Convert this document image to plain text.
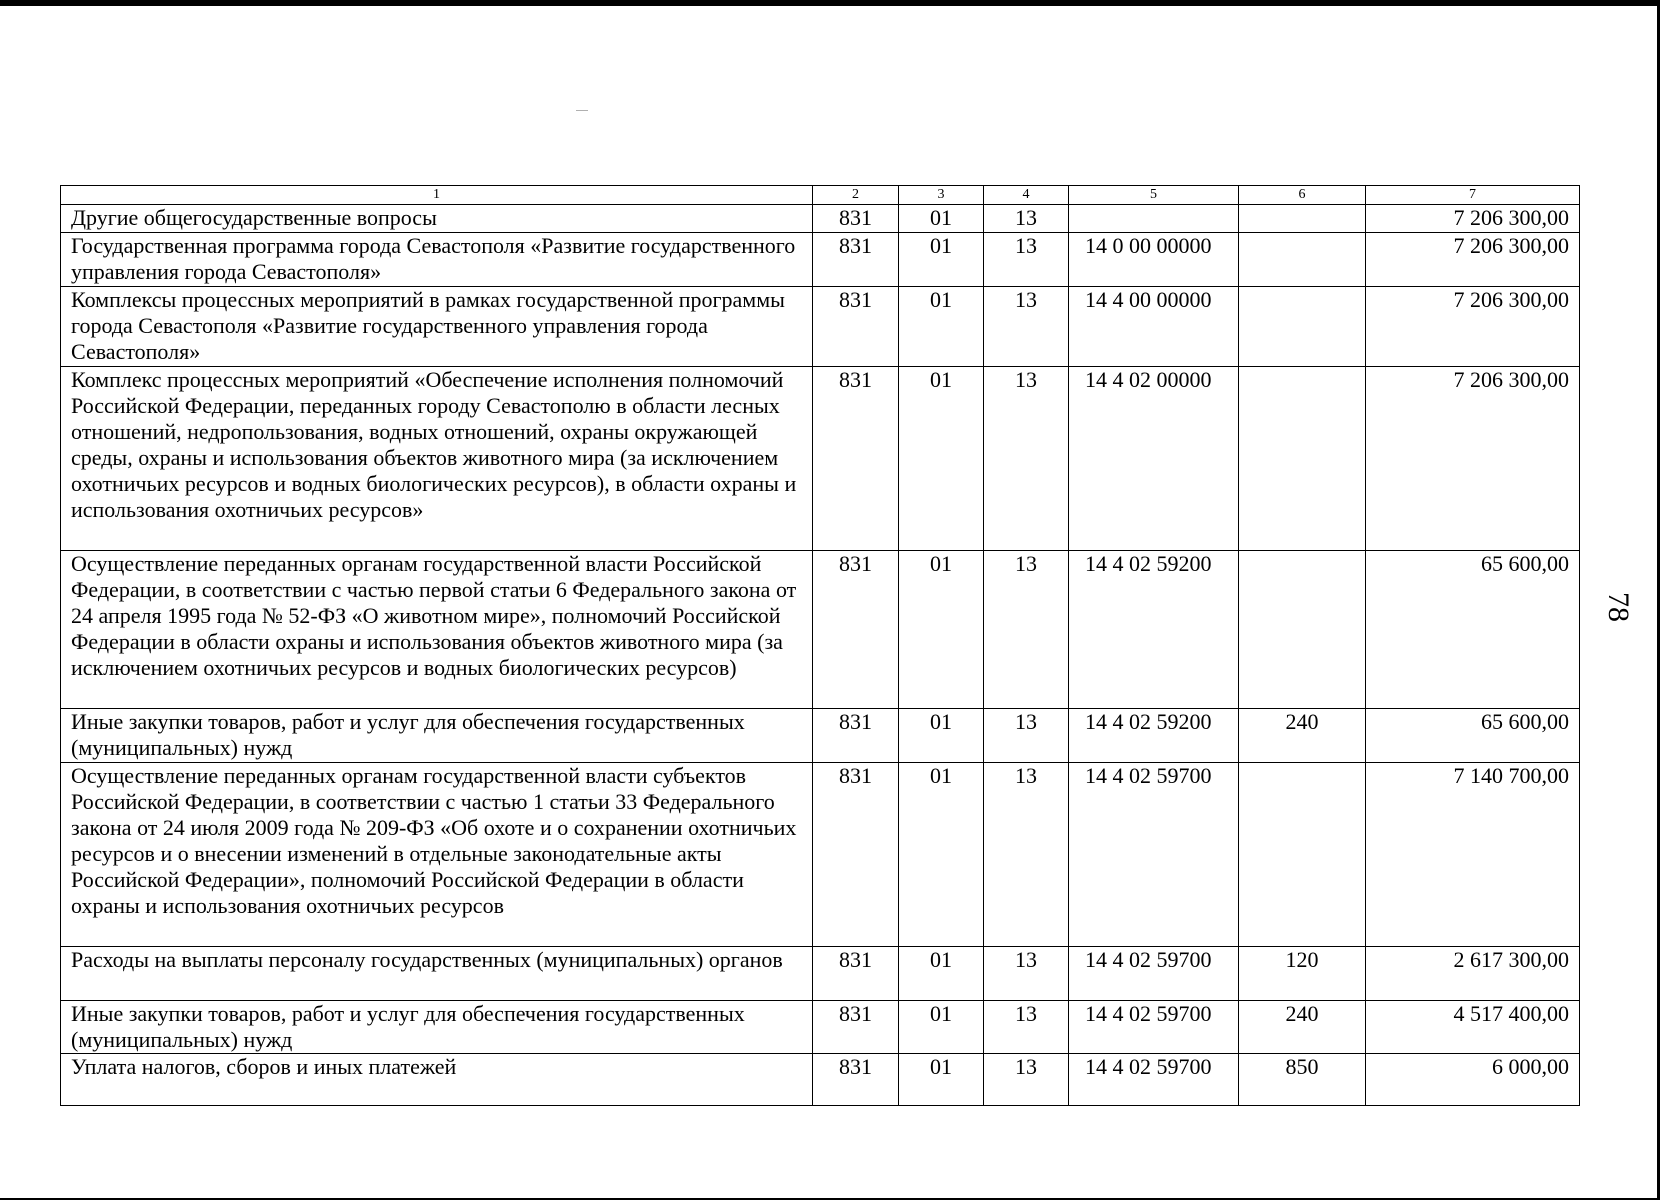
1	2	3	4	5	6	7
Другие общегосударственные вопросы	831	01	13			7 206 300,00
Государственная программа города Севастополя «Развитие государственного управления города Севастополя»	831	01	13	14 0 00 00000		7 206 300,00
Комплексы процессных мероприятий в рамках государственной программы города Севастополя «Развитие государственного управления города Севастополя»	831	01	13	14 4 00 00000		7 206 300,00
Комплекс процессных мероприятий «Обеспечение исполнения полномочий Российской Федерации, переданных городу Севастополю в области лесных отношений, недропользования, водных отношений, охраны окружающей среды, охраны и использования объектов животного мира (за исключением охотничьих ресурсов и водных биологических ресурсов), в области охраны и использования охотничьих ресурсов»	831	01	13	14 4 02 00000		7 206 300,00
Осуществление переданных органам государственной власти Российской Федерации, в соответствии с частью первой статьи 6 Федерального закона от 24 апреля 1995 года № 52-ФЗ «О животном мире», полномочий Российской Федерации в области охраны и использования объектов животного мира (за исключением охотничьих ресурсов и водных биологических ресурсов)	831	01	13	14 4 02 59200		65 600,00
Иные закупки товаров, работ и услуг для обеспечения государственных (муниципальных) нужд	831	01	13	14 4 02 59200	240	65 600,00
Осуществление переданных органам государственной власти субъектов Российской Федерации, в соответствии с частью 1 статьи 33 Федерального закона от 24 июля 2009 года № 209-ФЗ «Об охоте и о сохранении охотничьих ресурсов и о внесении изменений в отдельные законодательные акты Российской Федерации», полномочий Российской Федерации в области охраны и использования охотничьих ресурсов	831	01	13	14 4 02 59700		7 140 700,00
Расходы на выплаты персоналу государственных (муниципальных) органов	831	01	13	14 4 02 59700	120	2 617 300,00
Иные закупки товаров, работ и услуг для обеспечения государственных (муниципальных) нужд	831	01	13	14 4 02 59700	240	4 517 400,00
Уплата налогов, сборов и иных платежей	831	01	13	14 4 02 59700	850	6 000,00
78
